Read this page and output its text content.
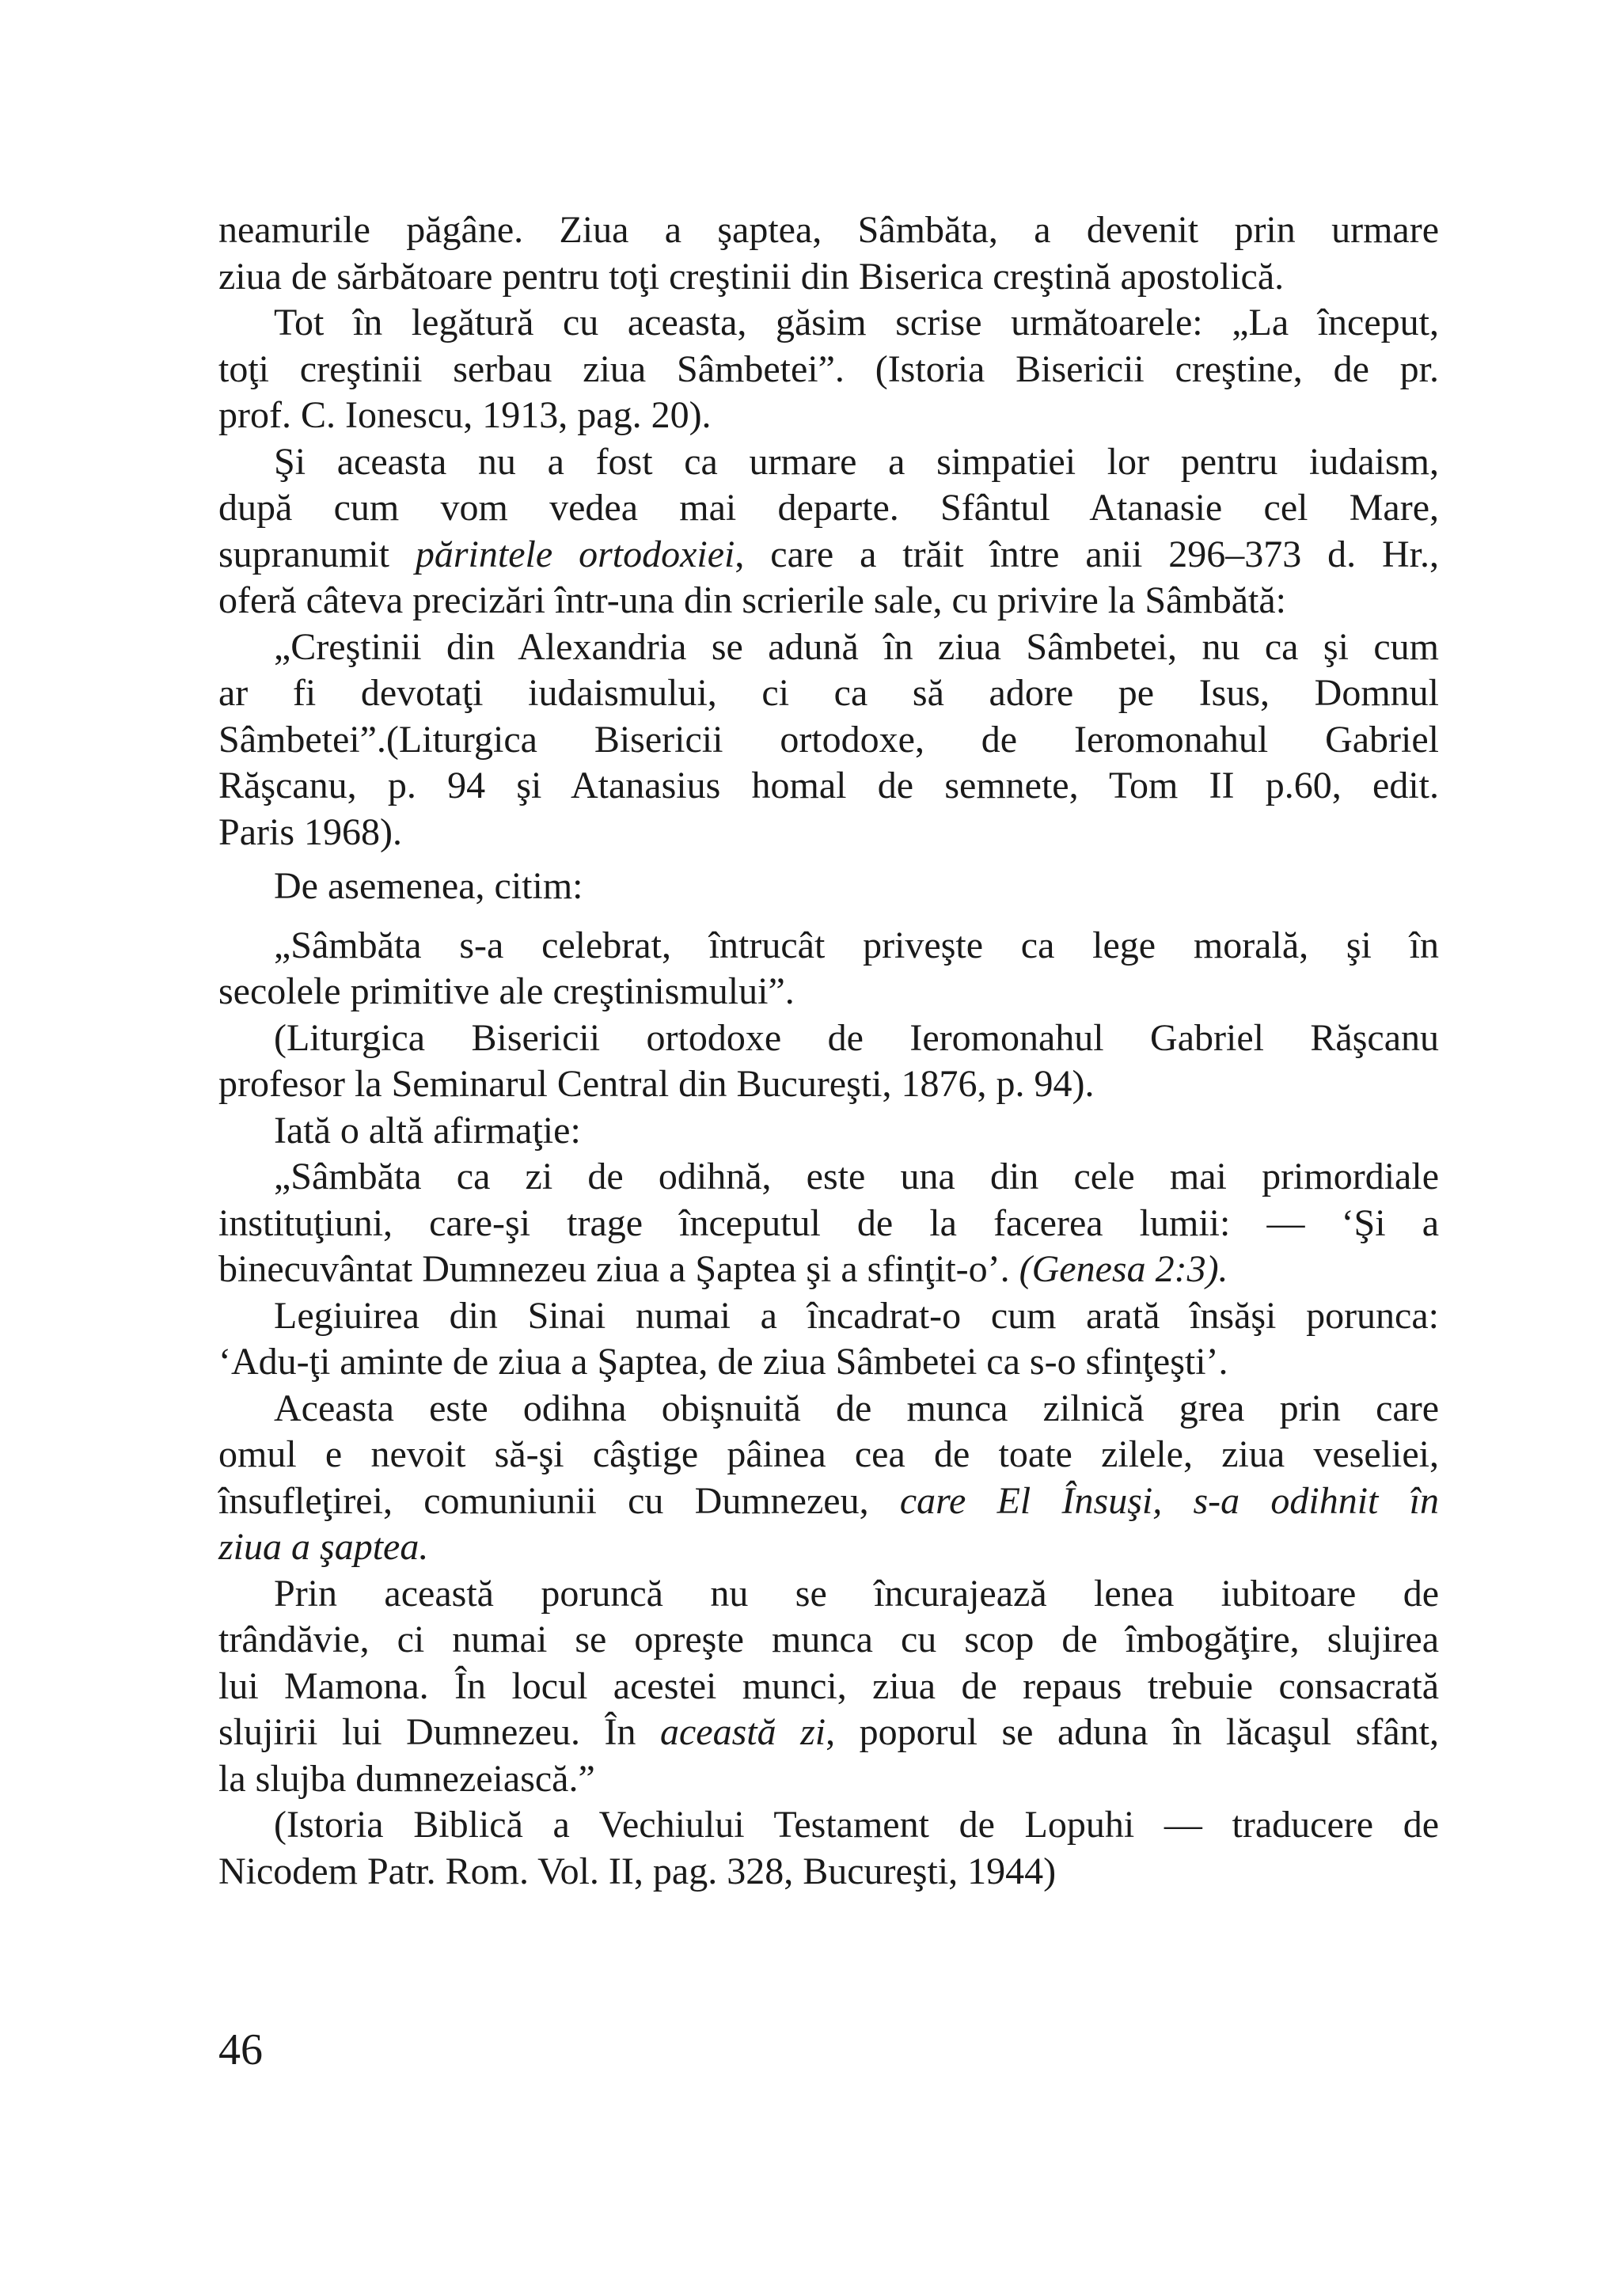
neamurile păgâne. Ziua a şaptea, Sâmbăta, a devenit prin urmare
ziua de sărbătoare pentru toţi creştinii din Biserica creştină apostolică.
Tot în legătură cu aceasta, găsim scrise următoarele: „La început,
toţi creştinii serbau ziua Sâmbetei”. (Istoria Bisericii creştine, de pr.
prof. C. Ionescu, 1913, pag. 20).
Şi aceasta nu a fost ca urmare a simpatiei lor pentru iudaism,
după cum vom vedea mai departe. Sfântul Atanasie cel Mare,
supranumit părintele ortodoxiei, care a trăit între anii 296–373 d. Hr.,
oferă câteva precizări într-una din scrierile sale, cu privire la Sâmbătă:
„Creştinii din Alexandria se adună în ziua Sâmbetei, nu ca şi cum
ar fi devotaţi iudaismului, ci ca să adore pe Isus, Domnul
Sâmbetei”.(Liturgica Bisericii ortodoxe, de Ieromonahul Gabriel
Răşcanu, p. 94 şi Atanasius homal de semnete, Tom II p.60, edit.
Paris 1968).
De asemenea, citim:
„Sâmbăta s-a celebrat, întrucât priveşte ca lege morală, şi în
secolele primitive ale creştinismului”.
(Liturgica Bisericii ortodoxe de Ieromonahul Gabriel Răşcanu
profesor la Seminarul Central din Bucureşti, 1876, p. 94).
Iată o altă afirmaţie:
„Sâmbăta ca zi de odihnă, este una din cele mai primordiale
instituţiuni, care-şi trage începutul de la facerea lumii: — ‘Şi a
binecuvântat Dumnezeu ziua a Şaptea şi a sfinţit-o’. (Genesa 2:3).
Legiuirea din Sinai numai a încadrat-o cum arată însăşi porunca:
‘Adu-ţi aminte de ziua a Şaptea, de ziua Sâmbetei ca s-o sfinţeşti’.
Aceasta este odihna obişnuită de munca zilnică grea prin care
omul e nevoit să-şi câştige pâinea cea de toate zilele, ziua veseliei,
însufleţirei, comuniunii cu Dumnezeu, care El Însuşi, s-a odihnit în
ziua a şaptea.
Prin această poruncă nu se încurajează lenea iubitoare de
trândăvie, ci numai se opreşte munca cu scop de îmbogăţire, slujirea
lui Mamona. În locul acestei munci, ziua de repaus trebuie consacrată
slujirii lui Dumnezeu. În această zi, poporul se aduna în lăcaşul sfânt,
la slujba dumnezeiască.”
(Istoria Biblică a Vechiului Testament de Lopuhi — traducere de
Nicodem Patr. Rom. Vol. II, pag. 328, Bucureşti, 1944)
46
